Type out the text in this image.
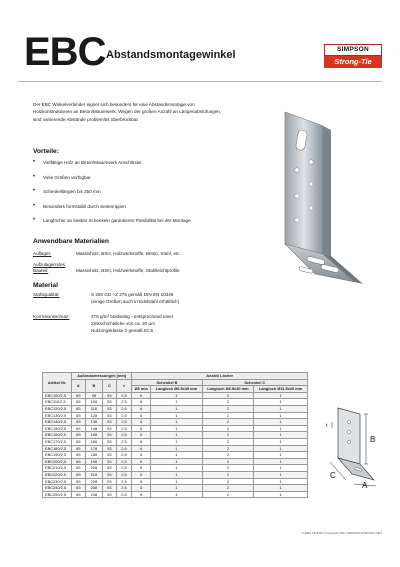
EBC Abstandsmontagewinkel	SIMPSON
Strong-Tie
Der EBC Winkelverbinder eignet sich besonders für eine Abstandsmontage von Holzkonstruktionen an Beton/Mauerwerk. Wegen der großen Anzahl an Längenabstufungen, sind variierende Abstände problemlos überbrückbar.
Vorteile:
• Vielfältige Holz an Beton/Mauerwerk Anschlüsse
• Viele Größen verfügbar
• Schenkellängen bis 250 mm
• Besonders formstabil durch Seitenrippen
• Langlöcher an beiden Schenkeln garantieren Flexibilität bei der Montage
Anwendbare Materialien
Auflager:	Massivholz, BSH, Holzwerkstoffe, Beton, Stahl, etc.
Aufzulagerndes Bauteil:	Massivholz, BSH, Holzwerkstoffe, Stahlleichtprofile
Material
Stahlqualität:	S 250 GD +Z 275 gemäß DIN EN 10346
(einige Größen auch in Edelstahl erhältlich)
Korrosionsschutz:	275 g/m² beidseitig - entsprechend einer
Zinkschichtdicke von ca. 20 µm
Nutzungsklasse 2 gemäß EC5
Artikel Nr.	Außenabmessungen [mm]				Anzahl Löcher			
	A	B	C	t	Schenkel B		Schenkel C	
					Ø5 mm	Langloch Ø6.5x40 mm	Langloch Ø6.5x30 mm	Langloch Ø11.5x20 mm
EBC100/2,5	65	98	53	2,5	6	1	2	1
EBC110/2,5	65	108	53	2,5	6	1	2	1
EBC120/2,5	65	118	53	2,5	6	1	2	1
EBC130/2,5	65	128	53	2,5	6	1	2	1
EBC140/2,5	65	138	53	2,5	6	1	2	1
EBC150/2,5	65	148	53	2,5	6	1	2	1
EBC160/2,5	65	158	53	2,5	6	1	2	1
EBC170/2,5	65	168	53	2,5	6	1	2	1
EBC180/2,5	65	178	53	2,5	6	1	2	1
EBC190/2,5	65	188	53	2,5	6	1	2	1
EBC200/2,5	65	198	53	2,5	6	1	2	1
EBC210/2,5	65	208	53	2,5	6	1	2	1
EBC220/2,5	65	218	53	2,5	6	1	2	1
EBC230/2,5	65	228	53	2,5	6	1	2	1
EBC240/2,5	65	238	53	2,5	6	1	2	1
EBC250/2,5	65	248	53	2,5	6	1	2	1
B
C
A
t
F-EBC-151118 © Copyright 2017 SIMPSON STRONG-TIE®
